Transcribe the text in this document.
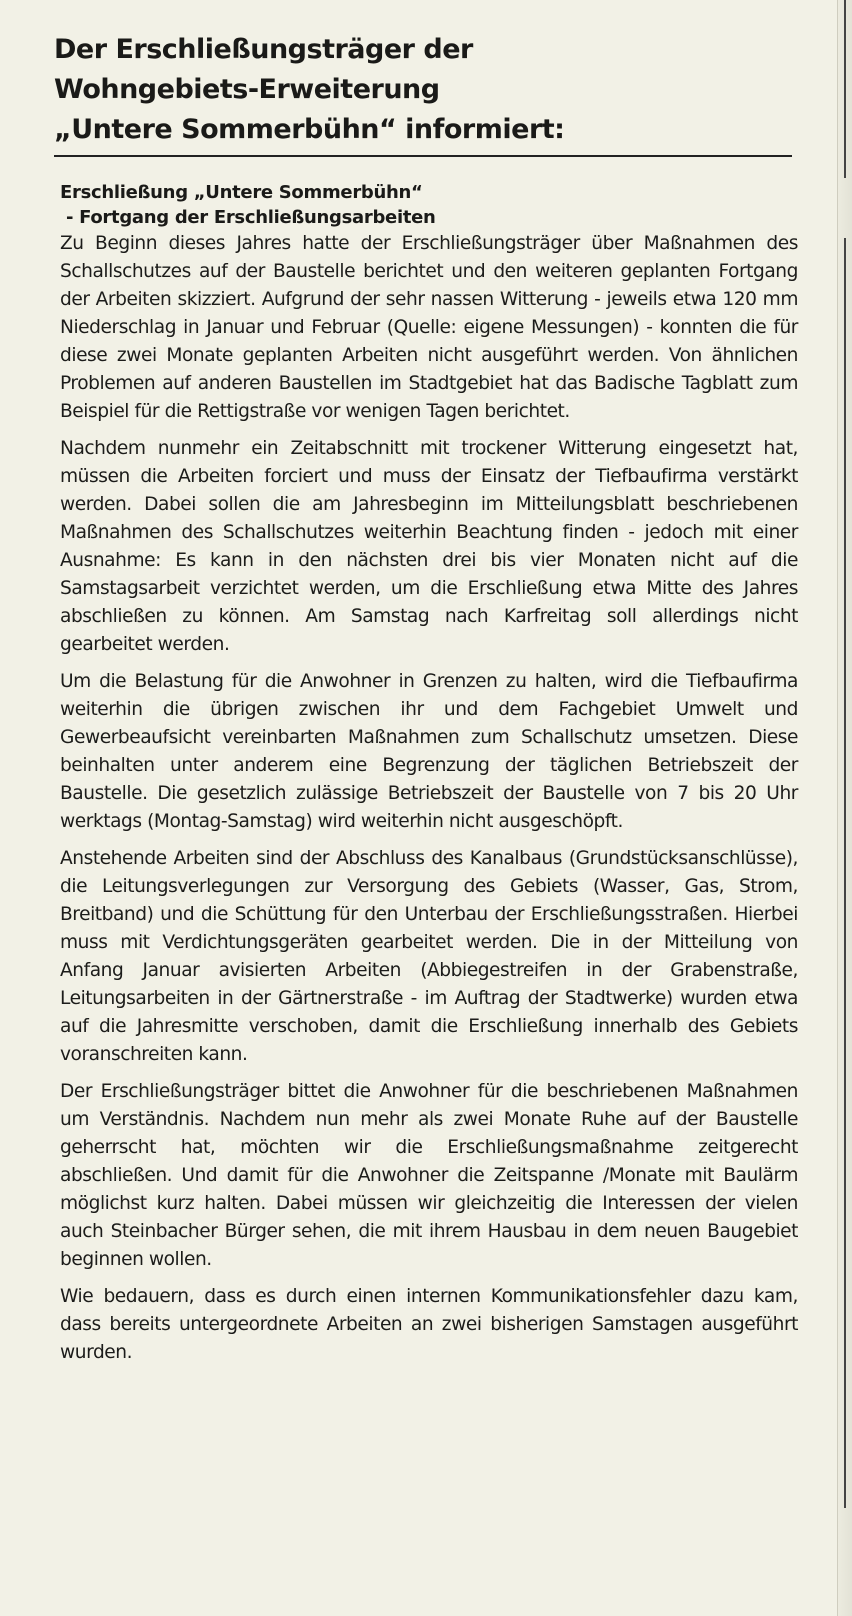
Der Erschließungsträger der
Wohngebiets-Erweiterung
„Untere Sommerbühn“ informiert:
Erschließung „Untere Sommerbühn“
- Fortgang der Erschließungsarbeiten

Zu Beginn dieses Jahres hatte der Erschließungsträger über Maßnahmen des Schallschutzes auf der Baustelle berichtet und den weiteren geplanten Fortgang der Arbeiten skizziert. Aufgrund der sehr nassen Witterung - jeweils etwa 120 mm Niederschlag in Januar und Februar (Quelle: eigene Messungen) - konnten die für diese zwei Monate geplanten Arbeiten nicht ausgeführt werden. Von ähnlichen Problemen auf anderen Baustellen im Stadtgebiet hat das Badische Tagblatt zum Beispiel für die Rettigstraße vor wenigen Tagen berichtet.

Nachdem nunmehr ein Zeitabschnitt mit trockener Witterung eingesetzt hat, müssen die Arbeiten forciert und muss der Einsatz der Tiefbaufirma verstärkt werden. Dabei sollen die am Jahresbeginn im Mitteilungsblatt beschriebenen Maßnahmen des Schallschutzes weiterhin Beachtung finden - jedoch mit einer Ausnahme: Es kann in den nächsten drei bis vier Monaten nicht auf die Samstagsarbeit verzichtet werden, um die Erschließung etwa Mitte des Jahres abschließen zu können. Am Samstag nach Karfreitag soll allerdings nicht gearbeitet werden.

Um die Belastung für die Anwohner in Grenzen zu halten, wird die Tiefbaufirma weiterhin die übrigen zwischen ihr und dem Fachgebiet Umwelt und Gewerbeaufsicht vereinbarten Maßnahmen zum Schallschutz umsetzen. Diese beinhalten unter anderem eine Begrenzung der täglichen Betriebszeit der Baustelle. Die gesetzlich zulässige Betriebszeit der Baustelle von 7 bis 20 Uhr werktags (Montag-Samstag) wird weiterhin nicht ausgeschöpft.

Anstehende Arbeiten sind der Abschluss des Kanalbaus (Grundstücksanschlüsse), die Leitungsverlegungen zur Versorgung des Gebiets (Wasser, Gas, Strom, Breitband) und die Schüttung für den Unterbau der Erschließungsstraßen. Hierbei muss mit Verdichtungsgeräten gearbeitet werden. Die in der Mitteilung von Anfang Januar avisierten Arbeiten (Abbiegestreifen in der Grabenstraße, Leitungsarbeiten in der Gärtnerstraße - im Auftrag der Stadtwerke) wurden etwa auf die Jahresmitte verschoben, damit die Erschließung innerhalb des Gebiets voranschreiten kann.

Der Erschließungsträger bittet die Anwohner für die beschriebenen Maßnahmen um Verständnis. Nachdem nun mehr als zwei Monate Ruhe auf der Baustelle geherrscht hat, möchten wir die Erschließungsmaßnahme zeitgerecht abschließen. Und damit für die Anwohner die Zeitspanne /Monate mit Baulärm möglichst kurz halten. Dabei müssen wir gleichzeitig die Interessen der vielen auch Steinbacher Bürger sehen, die mit ihrem Hausbau in dem neuen Baugebiet beginnen wollen.

Wie bedauern, dass es durch einen internen Kommunikationsfehler dazu kam, dass bereits untergeordnete Arbeiten an zwei bisherigen Samstagen ausgeführt wurden.
